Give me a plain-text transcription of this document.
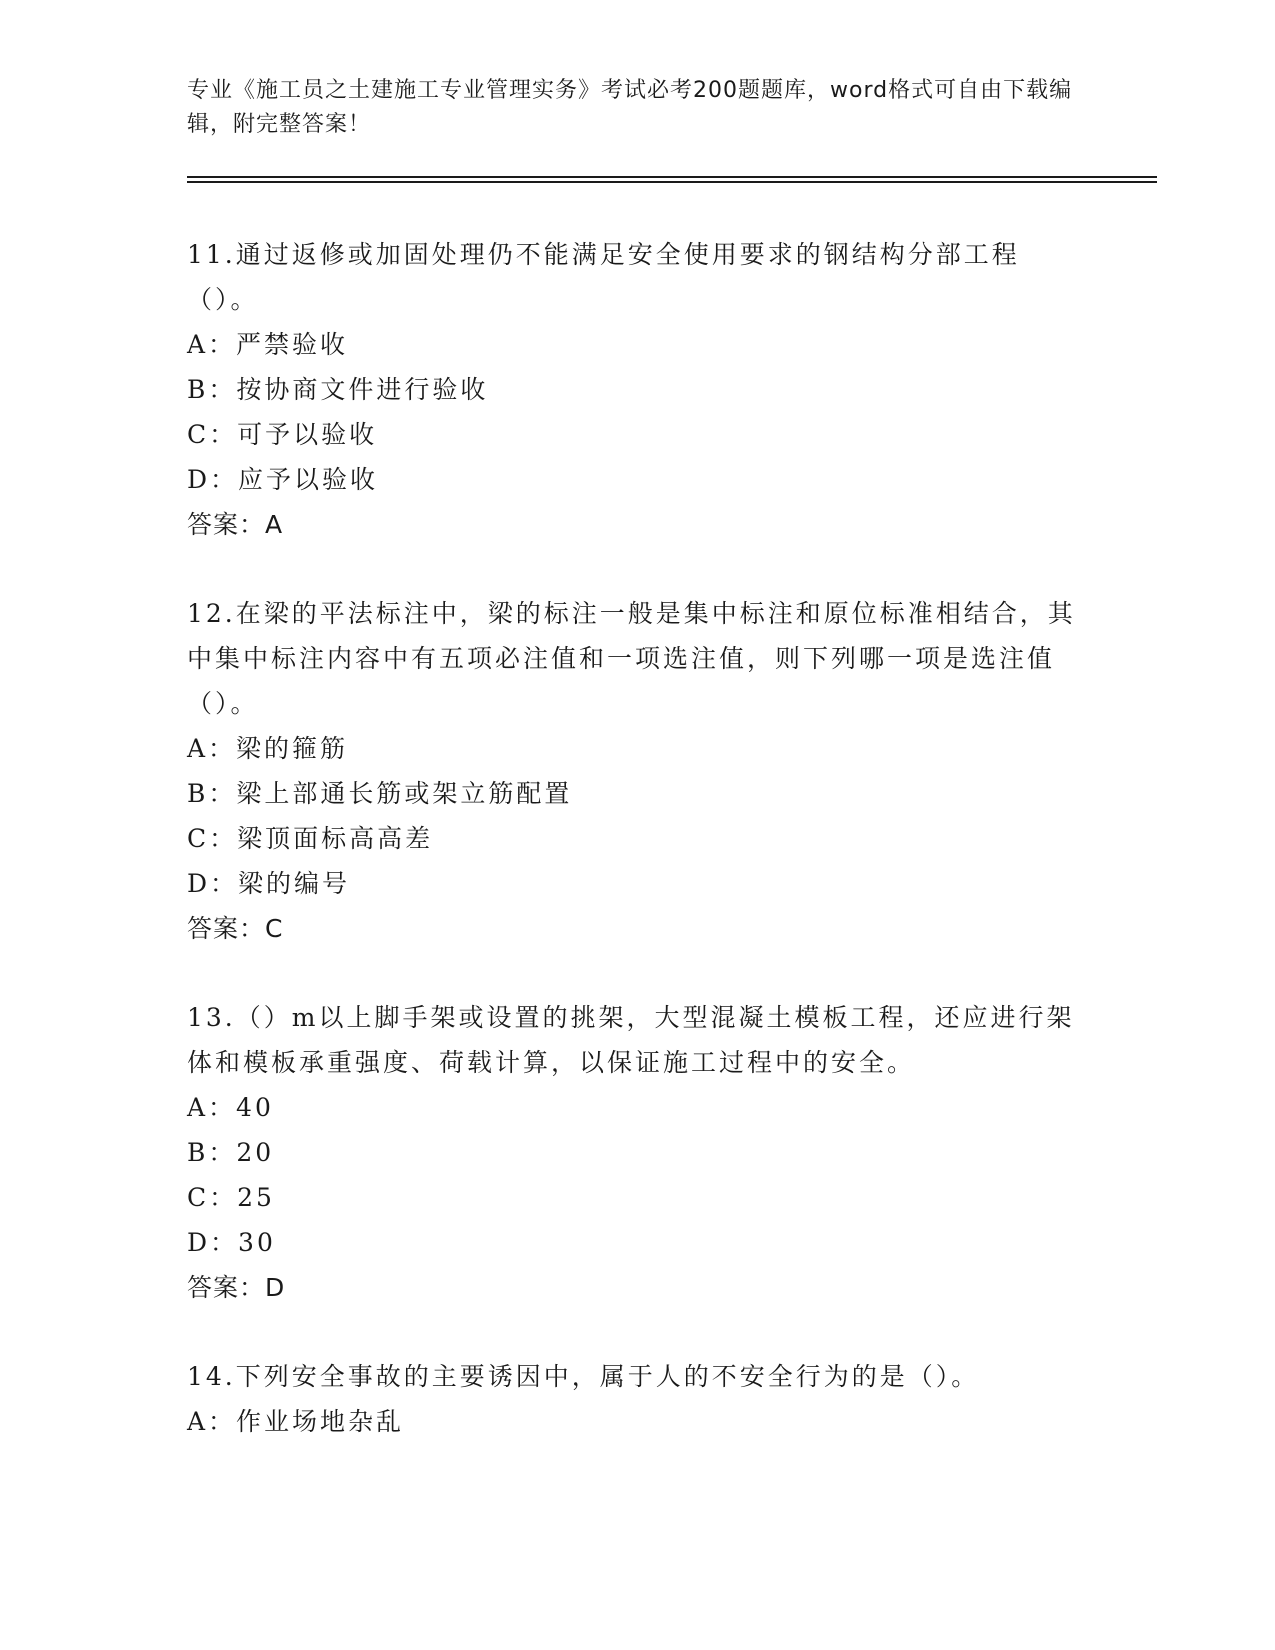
专业《施工员之土建施工专业管理实务》考试必考200题题库，word格式可自由下载编辑，附完整答案！

11.通过返修或加固处理仍不能满足安全使用要求的钢结构分部工程（）。

A：严禁验收

B：按协商文件进行验收

C：可予以验收

D：应予以验收

答案：A

12.在梁的平法标注中，梁的标注一般是集中标注和原位标准相结合，其中集中标注内容中有五项必注值和一项选注值，则下列哪一项是选注值（）。

A：梁的箍筋

B：梁上部通长筋或架立筋配置

C：梁顶面标高高差

D：梁的编号

答案：C

13.（）m以上脚手架或设置的挑架，大型混凝土模板工程，还应进行架体和模板承重强度、荷载计算，以保证施工过程中的安全。

A：40

B：20

C：25

D：30

答案：D

14.下列安全事故的主要诱因中，属于人的不安全行为的是（）。

A：作业场地杂乱
